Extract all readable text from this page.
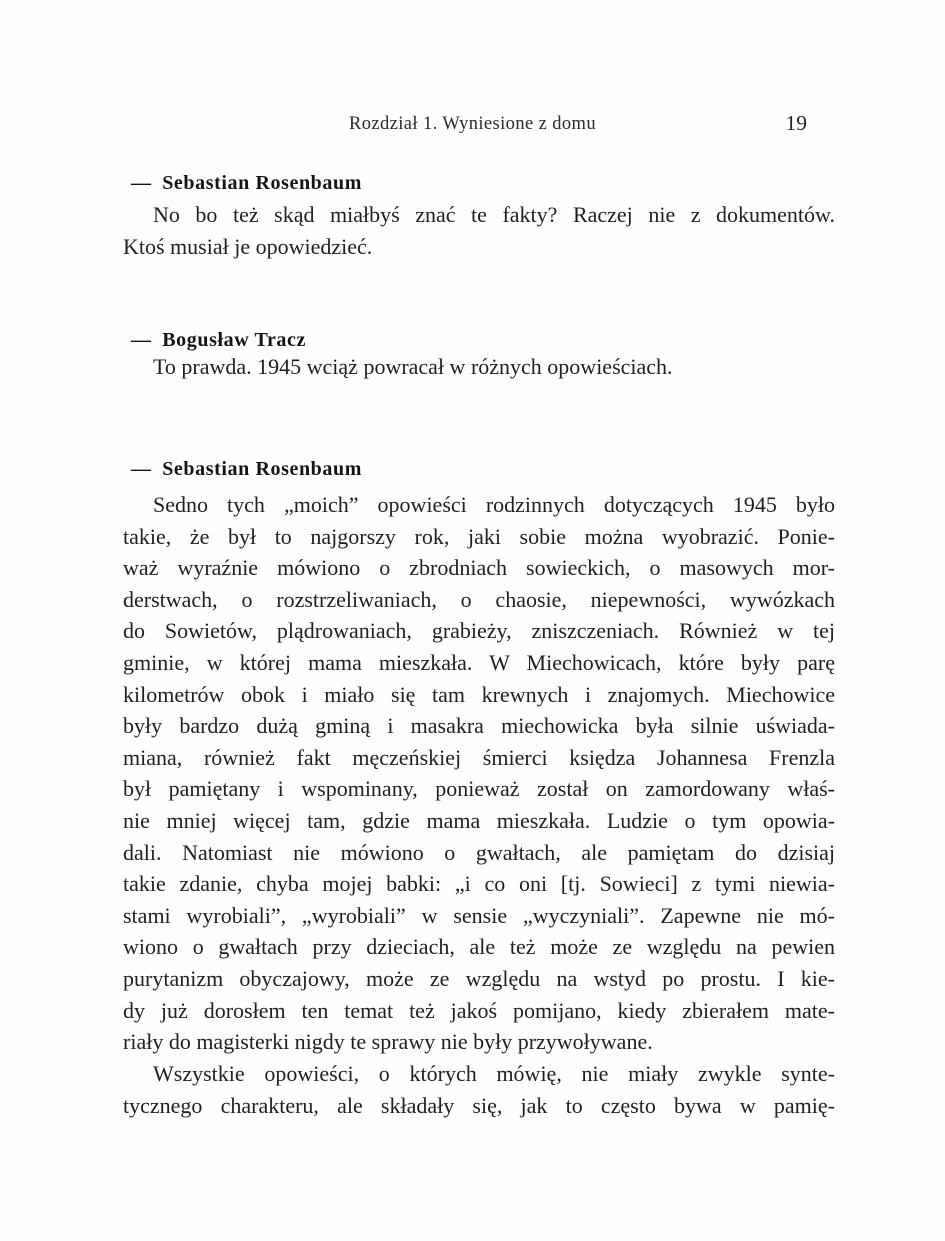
Rozdział 1. Wyniesione z domu	19
— Sebastian Rosenbaum
No bo też skąd miałbyś znać te fakty? Raczej nie z dokumentów.
Ktoś musiał je opowiedzieć.
— Bogusław Tracz
To prawda. 1945 wciąż powracał w różnych opowieściach.
— Sebastian Rosenbaum
Sedno tych „moich” opowieści rodzinnych dotyczących 1945 było
takie, że był to najgorszy rok, jaki sobie można wyobrazić. Ponie-
waż wyraźnie mówiono o zbrodniach sowieckich, o masowych mor-
derstwach, o rozstrzeliwaniach, o chaosie, niepewności, wywózkach
do Sowietów, plądrowaniach, grabieży, zniszczeniach. Również w tej
gminie, w której mama mieszkała. W Miechowicach, które były parę
kilometrów obok i miało się tam krewnych i znajomych. Miechowice
były bardzo dużą gminą i masakra miechowicka była silnie uświada-
miana, również fakt męczeńskiej śmierci księdza Johannesa Frenzla
był pamiętany i wspominany, ponieważ został on zamordowany właś-
nie mniej więcej tam, gdzie mama mieszkała. Ludzie o tym opowia-
dali. Natomiast nie mówiono o gwałtach, ale pamiętam do dzisiaj
takie zdanie, chyba mojej babki: „i co oni [tj. Sowieci] z tymi niewia-
stami wyrobiali”, „wyrobiali” w sensie „wyczyniali”. Zapewne nie mó-
wiono o gwałtach przy dzieciach, ale też może ze względu na pewien
purytanizm obyczajowy, może ze względu na wstyd po prostu. I kie-
dy już dorosłem ten temat też jakoś pomijano, kiedy zbierałem mate-
riały do magisterki nigdy te sprawy nie były przywoływane.
Wszystkie opowieści, o których mówię, nie miały zwykle synte-
tycznego charakteru, ale składały się, jak to często bywa w pamię-
